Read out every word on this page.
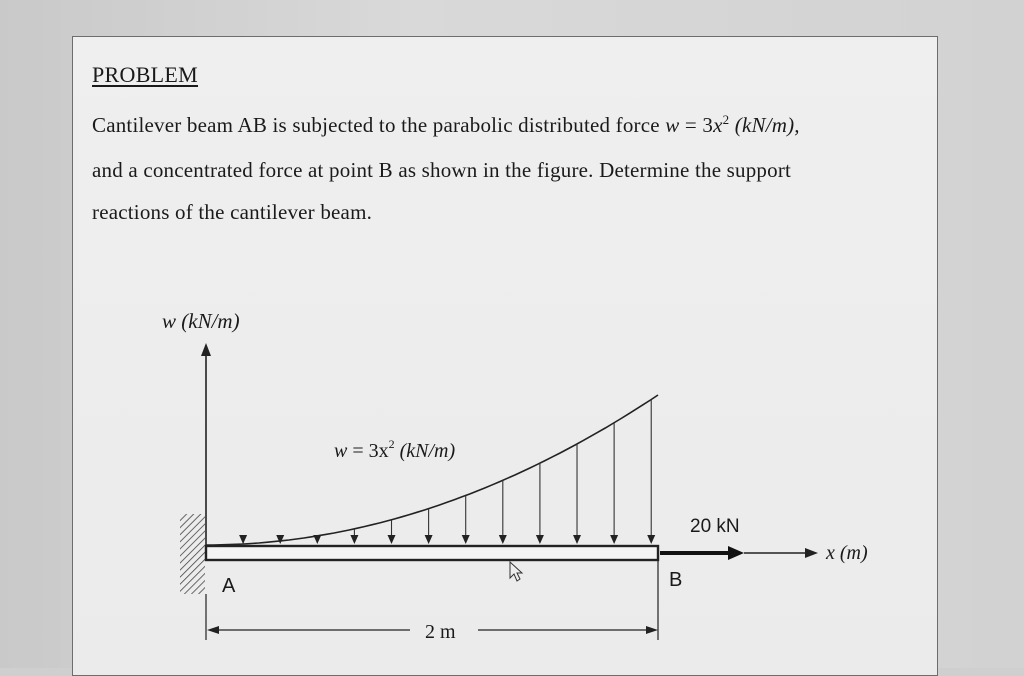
PROBLEM
Cantilever beam AB is subjected to the parabolic distributed force $w = 3x^2$ (kN/m),
and a concentrated force at point B as shown in the figure. Determine the support
reactions of the cantilever beam.
w (kN/m)
$w = 3x^2$ (kN/m)
20 kN
x (m)
A	B
2 m
